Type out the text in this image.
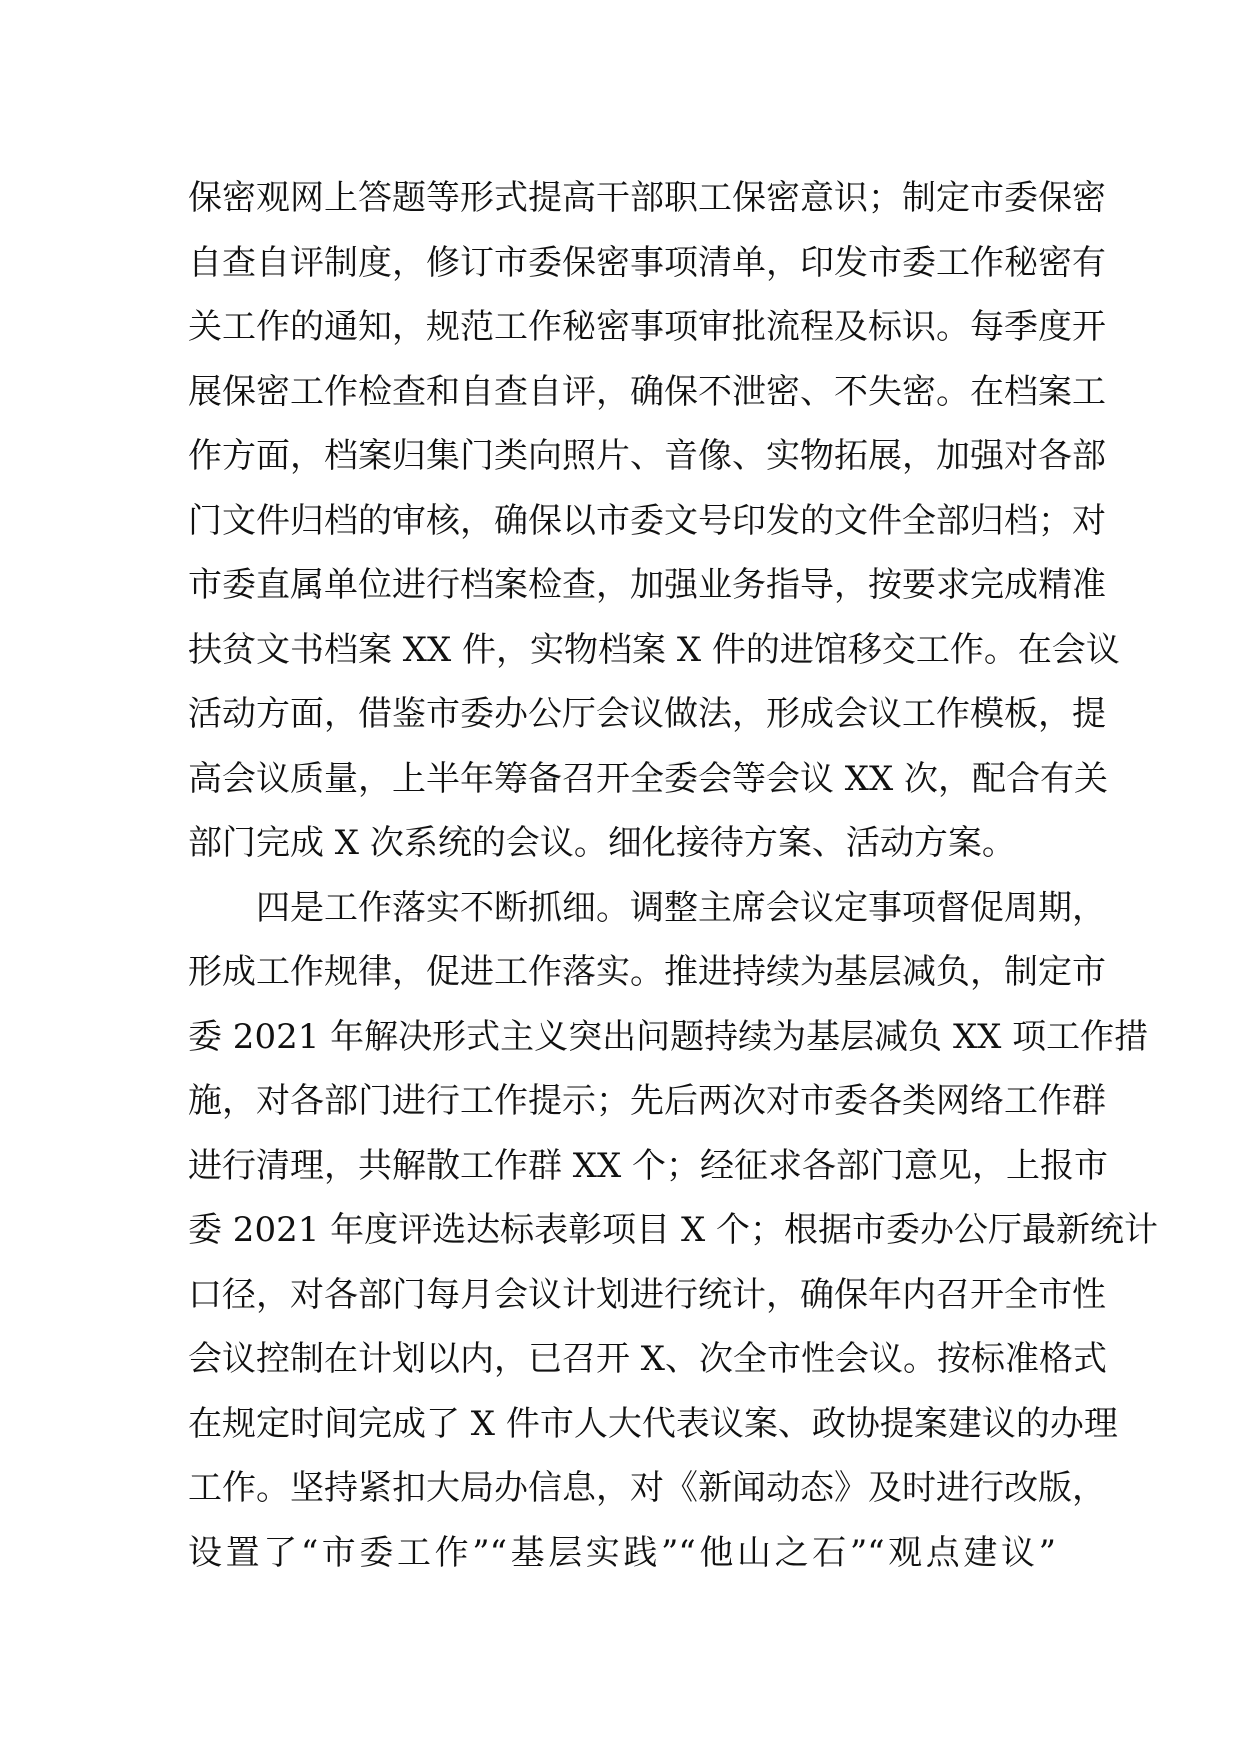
保密观网上答题等形式提高干部职工保密意识；制定市委保密
自查自评制度，修订市委保密事项清单，印发市委工作秘密有
关工作的通知，规范工作秘密事项审批流程及标识。每季度开
展保密工作检查和自查自评，确保不泄密、不失密。在档案工
作方面，档案归集门类向照片、音像、实物拓展，加强对各部
门文件归档的审核，确保以市委文号印发的文件全部归档；对
市委直属单位进行档案检查，加强业务指导，按要求完成精准
扶贫文书档案 XX 件，实物档案 X 件的进馆移交工作。在会议
活动方面，借鉴市委办公厅会议做法，形成会议工作模板，提
高会议质量，上半年筹备召开全委会等会议 XX 次，配合有关
部门完成 X 次系统的会议。细化接待方案、活动方案。
四是工作落实不断抓细。调整主席会议定事项督促周期，
形成工作规律，促进工作落实。推进持续为基层减负，制定市
委 2021 年解决形式主义突出问题持续为基层减负 XX 项工作措
施，对各部门进行工作提示；先后两次对市委各类网络工作群
进行清理，共解散工作群 XX 个；经征求各部门意见，上报市
委 2021 年度评选达标表彰项目 X 个；根据市委办公厅最新统计
口径，对各部门每月会议计划进行统计，确保年内召开全市性
会议控制在计划以内，已召开 X、次全市性会议。按标准格式
在规定时间完成了 X 件市人大代表议案、政协提案建议的办理
工作。坚持紧扣大局办信息，对《新闻动态》及时进行改版，
设置了“市委工作”“基层实践”“他山之石”“观点建议”
